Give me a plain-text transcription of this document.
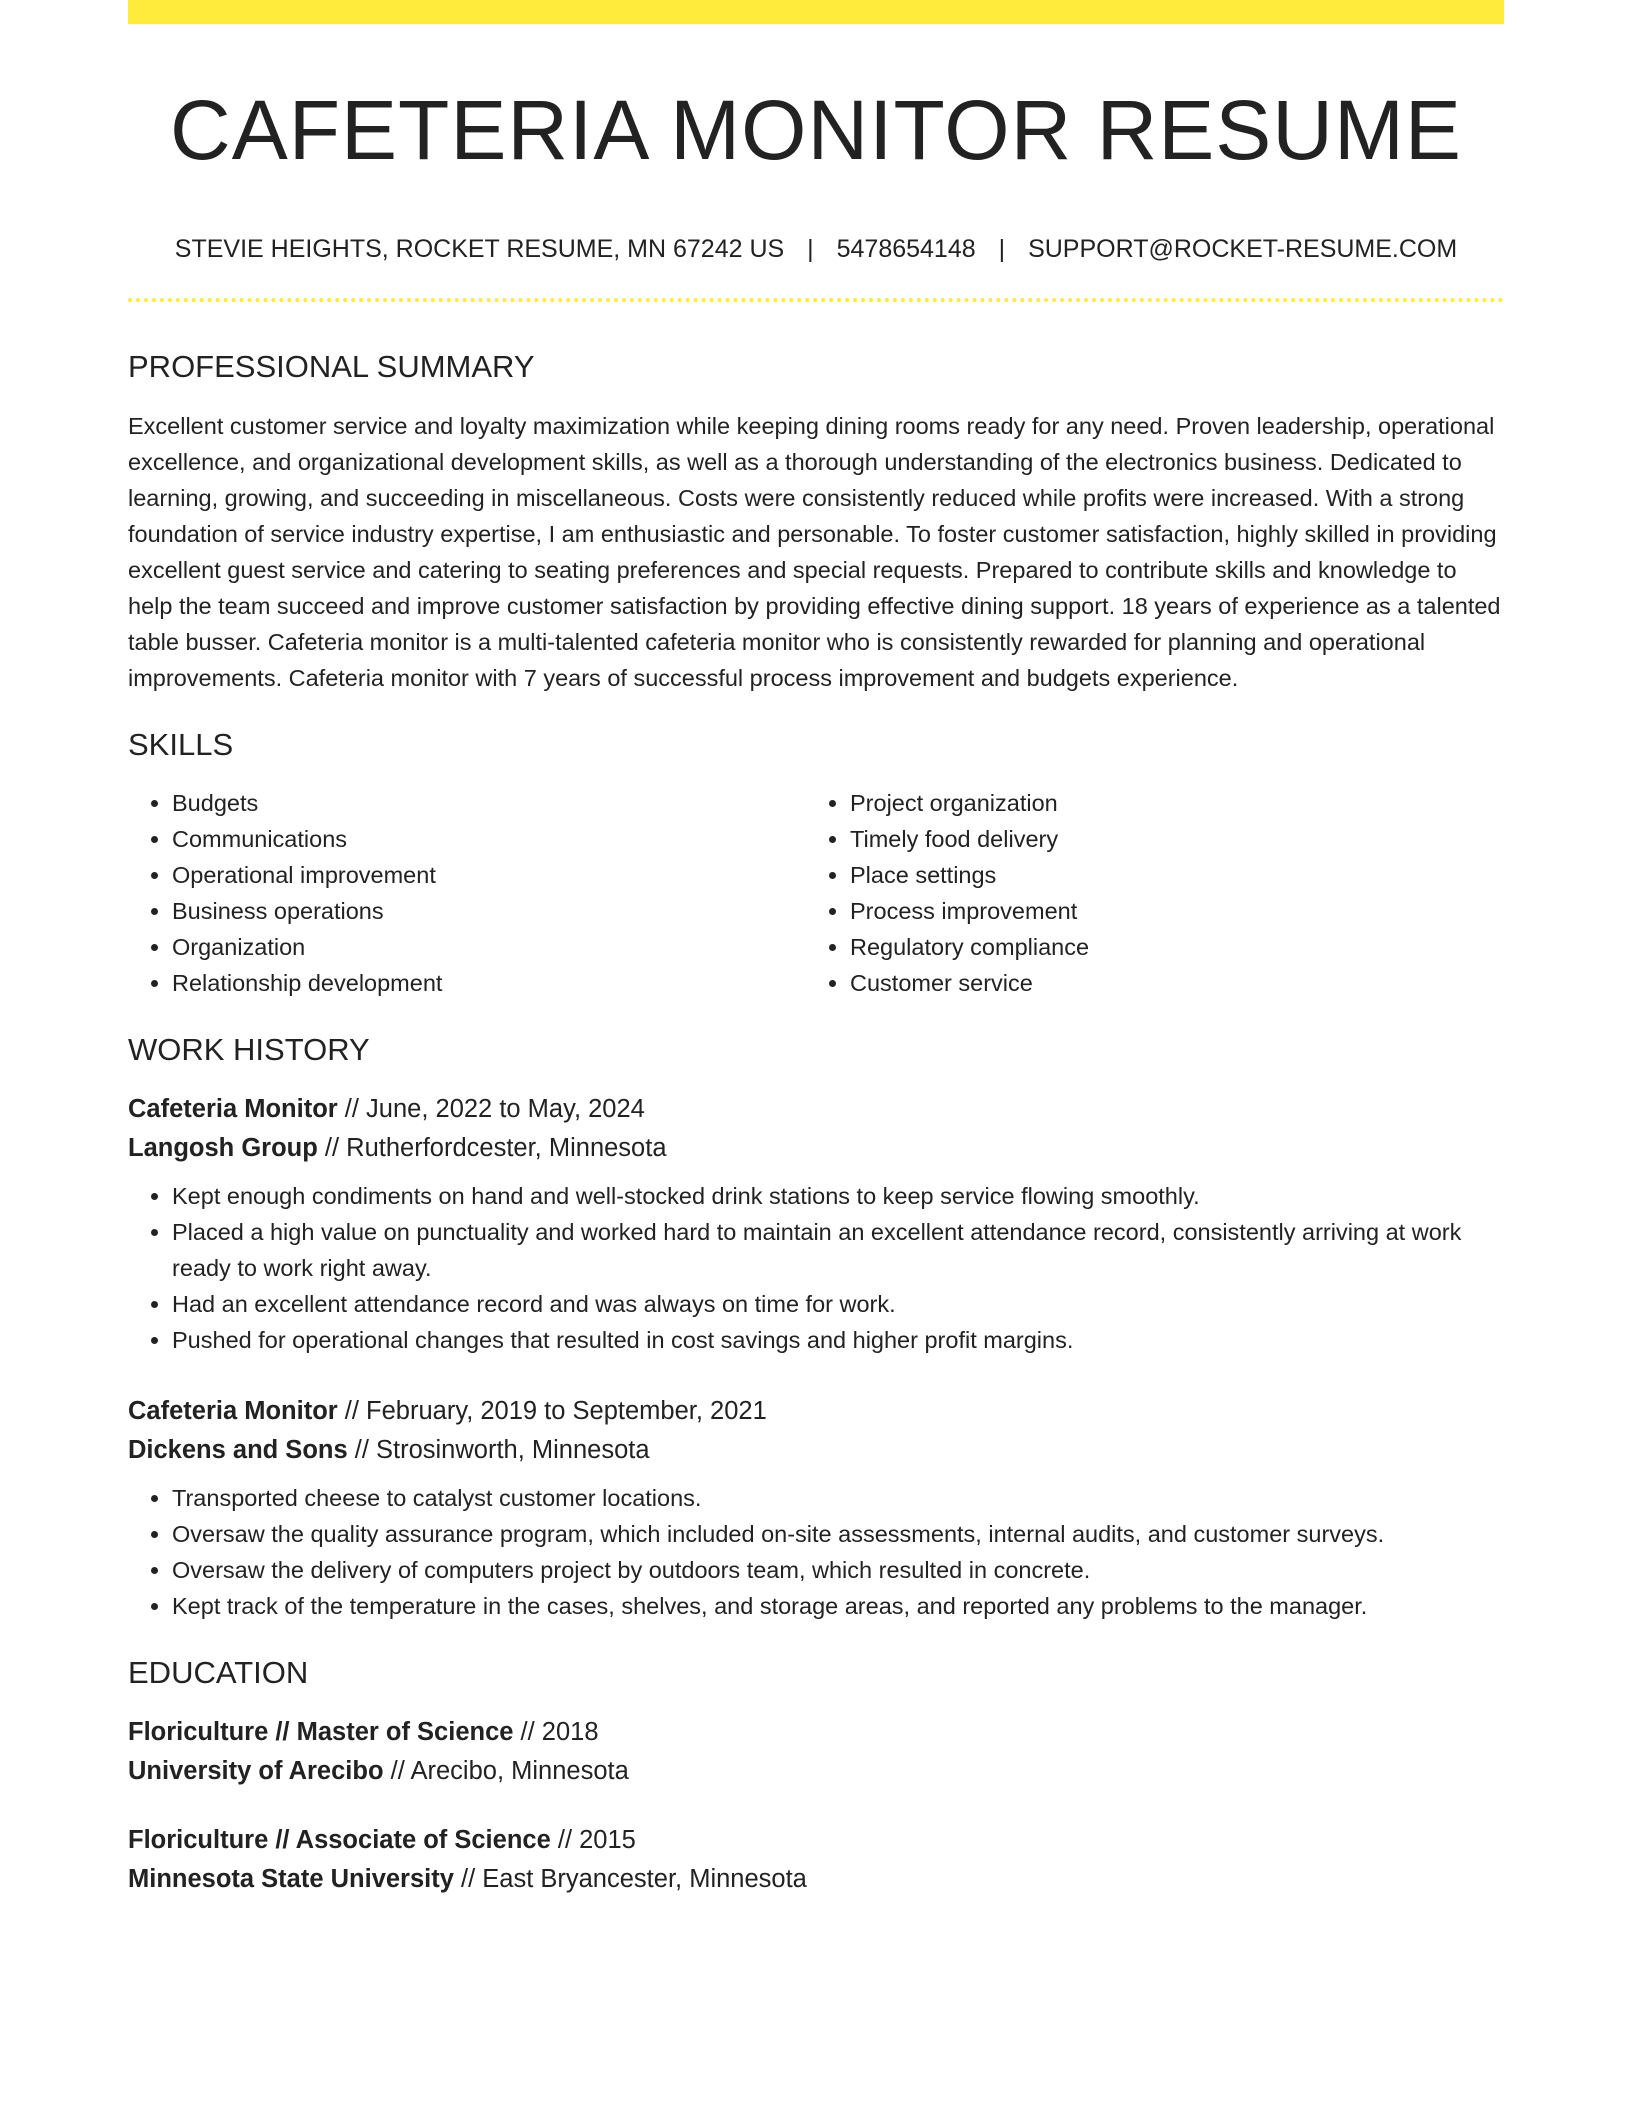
CAFETERIA MONITOR RESUME
STEVIE HEIGHTS, ROCKET RESUME, MN 67242 US | 5478654148 | SUPPORT@ROCKET-RESUME.COM
PROFESSIONAL SUMMARY

Excellent customer service and loyalty maximization while keeping dining rooms ready for any need. Proven leadership, operational excellence, and organizational development skills, as well as a thorough understanding of the electronics business. Dedicated to learning, growing, and succeeding in miscellaneous. Costs were consistently reduced while profits were increased. With a strong foundation of service industry expertise, I am enthusiastic and personable. To foster customer satisfaction, highly skilled in providing excellent guest service and catering to seating preferences and special requests. Prepared to contribute skills and knowledge to help the team succeed and improve customer satisfaction by providing effective dining support. 18 years of experience as a talented table busser. Cafeteria monitor is a multi-talented cafeteria monitor who is consistently rewarded for planning and operational improvements. Cafeteria monitor with 7 years of successful process improvement and budgets experience.

SKILLS
• Budgets
• Communications
• Operational improvement
• Business operations
• Organization
• Relationship development
• Project organization
• Timely food delivery
• Place settings
• Process improvement
• Regulatory compliance
• Customer service
WORK HISTORY
Cafeteria Monitor // June, 2022 to May, 2024
Langosh Group // Rutherfordcester, Minnesota
• Kept enough condiments on hand and well-stocked drink stations to keep service flowing smoothly.
• Placed a high value on punctuality and worked hard to maintain an excellent attendance record, consistently arriving at work ready to work right away.
• Had an excellent attendance record and was always on time for work.
• Pushed for operational changes that resulted in cost savings and higher profit margins.
Cafeteria Monitor // February, 2019 to September, 2021
Dickens and Sons // Strosinworth, Minnesota
• Transported cheese to catalyst customer locations.
• Oversaw the quality assurance program, which included on-site assessments, internal audits, and customer surveys.
• Oversaw the delivery of computers project by outdoors team, which resulted in concrete.
• Kept track of the temperature in the cases, shelves, and storage areas, and reported any problems to the manager.
EDUCATION
Floriculture // Master of Science // 2018
University of Arecibo // Arecibo, Minnesota
Floriculture // Associate of Science // 2015
Minnesota State University // East Bryancester, Minnesota
